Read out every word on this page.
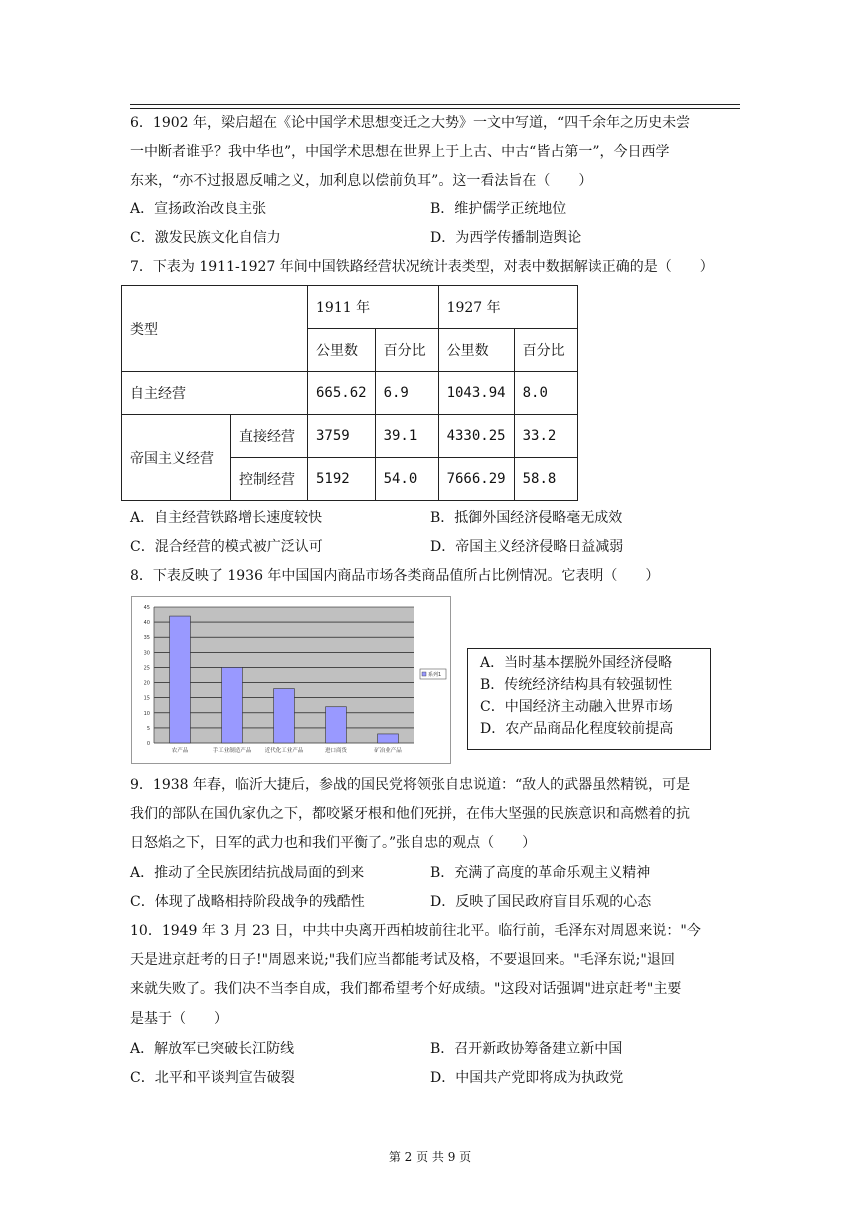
6．1902 年，梁启超在《论中国学术思想变迁之大势》一文中写道，“四千余年之历史未尝
一中断者谁乎？我中华也”，中国学术思想在世界上于上古、中古“皆占第一”，今日西学
东来，“亦不过报恩反哺之义，加利息以偿前负耳”。这一看法旨在（　　）
A．宣扬政治改良主张	B．维护儒学正统地位
C．激发民族文化自信力	D．为西学传播制造舆论
7．下表为 1911-1927 年间中国铁路经营状况统计表类型，对表中数据解读正确的是（　　）
类型		1911 年		1927 年	
		公里数	百分比	公里数	百分比
自主经营		665.62	6.9	1043.94	8.0
帝国主义经营	直接经营	3759	39.1	4330.25	33.2
	控制经营	5192	54.0	7666.29	58.8
A．自主经营铁路增长速度较快	B．抵御外国经济侵略毫无成效
C．混合经营的模式被广泛认可	D．帝国主义经济侵略日益减弱
8．下表反映了 1936 年中国国内商品市场各类商品值所占比例情况。它表明（　　）
0
5
10
15
20
25
30
35
40
45
农产品	手工业制造产品 近代化工业产品	进口商货	矿冶业产品
系列1
A．当时基本摆脱外国经济侵略
B．传统经济结构具有较强韧性
C．中国经济主动融入世界市场
D．农产品商品化程度较前提高
9．1938 年春，临沂大捷后，参战的国民党将领张自忠说道：“敌人的武器虽然精锐，可是
我们的部队在国仇家仇之下，都咬紧牙根和他们死拼，在伟大坚强的民族意识和高燃着的抗
日怒焰之下，日军的武力也和我们平衡了。”张自忠的观点（　　）
A．推动了全民族团结抗战局面的到来	B．充满了高度的革命乐观主义精神
C．体现了战略相持阶段战争的残酷性	D．反映了国民政府盲目乐观的心态
10．1949 年 3 月 23 日，中共中央离开西柏坡前往北平。临行前，毛泽东对周恩来说："今
天是进京赶考的日子!"周恩来说;"我们应当都能考试及格，不要退回来。"毛泽东说;"退回
来就失败了。我们决不当李自成，我们都希望考个好成绩。"这段对话强调"进京赶考"主要
是基于（　　）
A．解放军已突破长江防线	B．召开新政协筹备建立新中国
C．北平和平谈判宣告破裂	D．中国共产党即将成为执政党
第 2 页 共 9 页
